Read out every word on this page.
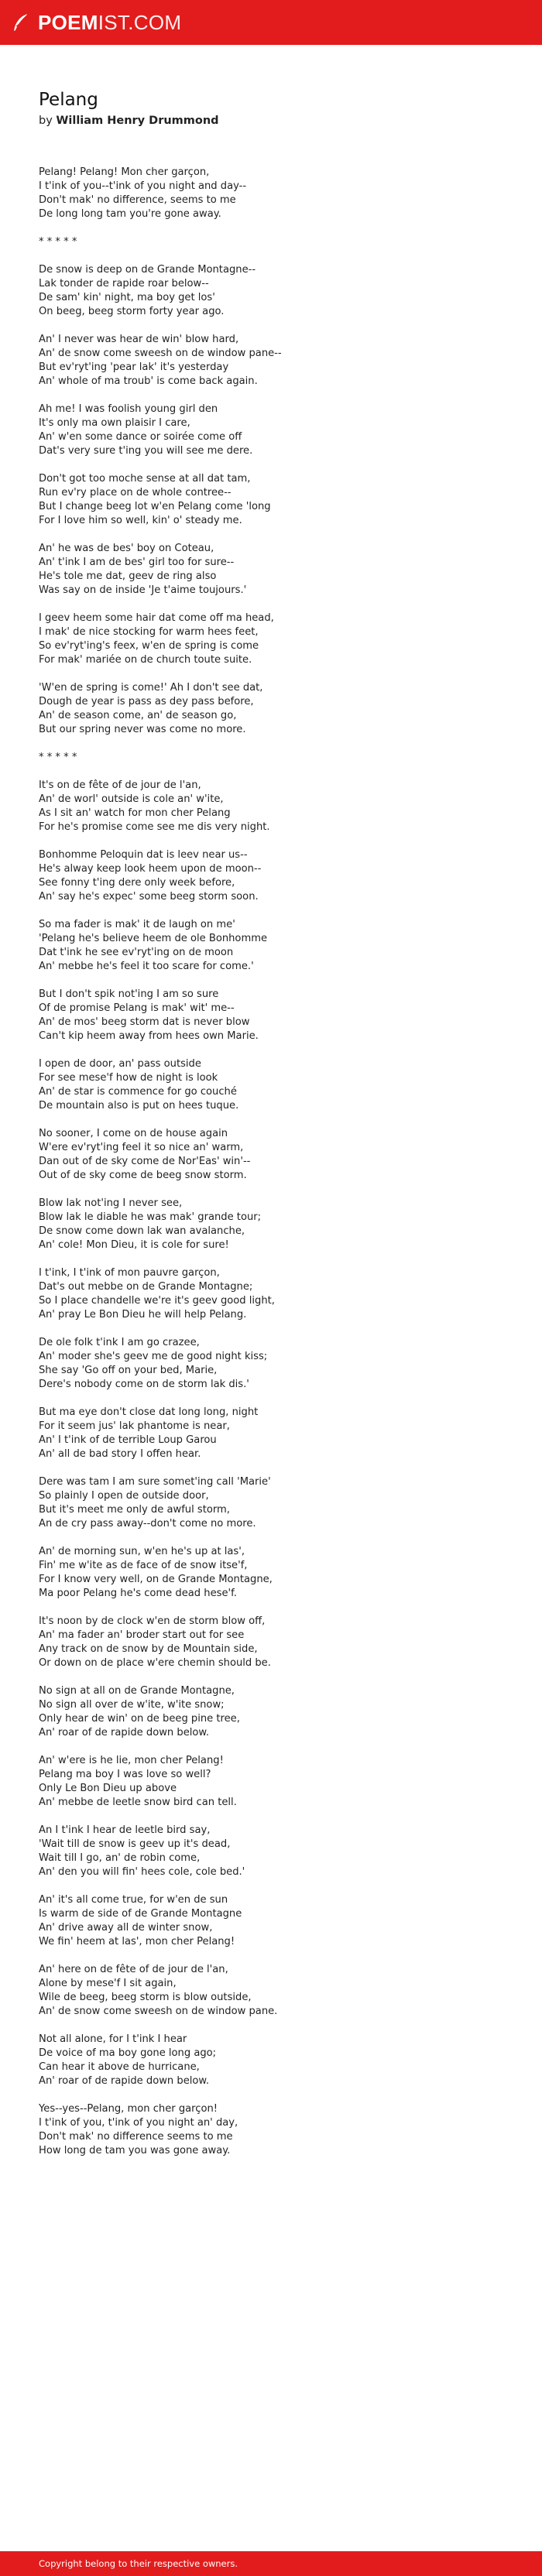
POEMIST.COM
Pelang
by William Henry Drummond
Pelang! Pelang! Mon cher garçon,
I t'ink of you--t'ink of you night and day--
Don't mak' no difference, seems to me
De long long tam you're gone away.
* * * * *
De snow is deep on de Grande Montagne--
Lak tonder de rapide roar below--
De sam' kin' night, ma boy get los'
On beeg, beeg storm forty year ago.
An' I never was hear de win' blow hard,
An' de snow come sweesh on de window pane--
But ev'ryt'ing 'pear lak' it's yesterday
An' whole of ma troub' is come back again.
Ah me! I was foolish young girl den
It's only ma own plaisir I care,
An' w'en some dance or soirée come off
Dat's very sure t'ing you will see me dere.
Don't got too moche sense at all dat tam,
Run ev'ry place on de whole contree--
But I change beeg lot w'en Pelang come 'long
For I love him so well, kin' o' steady me.
An' he was de bes' boy on Coteau,
An' t'ink I am de bes' girl too for sure--
He's tole me dat, geev de ring also
Was say on de inside 'Je t'aime toujours.'
I geev heem some hair dat come off ma head,
I mak' de nice stocking for warm hees feet,
So ev'ryt'ing's feex, w'en de spring is come
For mak' mariée on de church toute suite.
'W'en de spring is come!' Ah I don't see dat,
Dough de year is pass as dey pass before,
An' de season come, an' de season go,
But our spring never was come no more.
* * * * *
It's on de fête of de jour de l'an,
An' de worl' outside is cole an' w'ite,
As I sit an' watch for mon cher Pelang
For he's promise come see me dis very night.
Bonhomme Peloquin dat is leev near us--
He's alway keep look heem upon de moon--
See fonny t'ing dere only week before,
An' say he's expec' some beeg storm soon.
So ma fader is mak' it de laugh on me'
'Pelang he's believe heem de ole Bonhomme
Dat t'ink he see ev'ryt'ing on de moon
An' mebbe he's feel it too scare for come.'
But I don't spik not'ing I am so sure
Of de promise Pelang is mak' wit' me--
An' de mos' beeg storm dat is never blow
Can't kip heem away from hees own Marie.
I open de door, an' pass outside
For see mese'f how de night is look
An' de star is commence for go couché
De mountain also is put on hees tuque.
No sooner, I come on de house again
W'ere ev'ryt'ing feel it so nice an' warm,
Dan out of de sky come de Nor'Eas' win'--
Out of de sky come de beeg snow storm.
Blow lak not'ing I never see,
Blow lak le diable he was mak' grande tour;
De snow come down lak wan avalanche,
An' cole! Mon Dieu, it is cole for sure!
I t'ink, I t'ink of mon pauvre garçon,
Dat's out mebbe on de Grande Montagne;
So I place chandelle we're it's geev good light,
An' pray Le Bon Dieu he will help Pelang.
De ole folk t'ink I am go crazee,
An' moder she's geev me de good night kiss;
She say 'Go off on your bed, Marie,
Dere's nobody come on de storm lak dis.'
But ma eye don't close dat long long, night
For it seem jus' lak phantome is near,
An' I t'ink of de terrible Loup Garou
An' all de bad story I offen hear.
Dere was tam I am sure somet'ing call 'Marie'
So plainly I open de outside door,
But it's meet me only de awful storm,
An de cry pass away--don't come no more.
An' de morning sun, w'en he's up at las',
Fin' me w'ite as de face of de snow itse'f,
For I know very well, on de Grande Montagne,
Ma poor Pelang he's come dead hese'f.
It's noon by de clock w'en de storm blow off,
An' ma fader an' broder start out for see
Any track on de snow by de Mountain side,
Or down on de place w'ere chemin should be.
No sign at all on de Grande Montagne,
No sign all over de w'ite, w'ite snow;
Only hear de win' on de beeg pine tree,
An' roar of de rapide down below.
An' w'ere is he lie, mon cher Pelang!
Pelang ma boy I was love so well?
Only Le Bon Dieu up above
An' mebbe de leetle snow bird can tell.
An I t'ink I hear de leetle bird say,
'Wait till de snow is geev up it's dead,
Wait till I go, an' de robin come,
An' den you will fin' hees cole, cole bed.'
An' it's all come true, for w'en de sun
Is warm de side of de Grande Montagne
An' drive away all de winter snow,
We fin' heem at las', mon cher Pelang!
An' here on de fête of de jour de l'an,
Alone by mese'f I sit again,
Wile de beeg, beeg storm is blow outside,
An' de snow come sweesh on de window pane.
Not all alone, for I t'ink I hear
De voice of ma boy gone long ago;
Can hear it above de hurricane,
An' roar of de rapide down below.
Yes--yes--Pelang, mon cher garçon!
I t'ink of you, t'ink of you night an' day,
Don't mak' no difference seems to me
How long de tam you was gone away.
Copyright belong to their respective owners.
